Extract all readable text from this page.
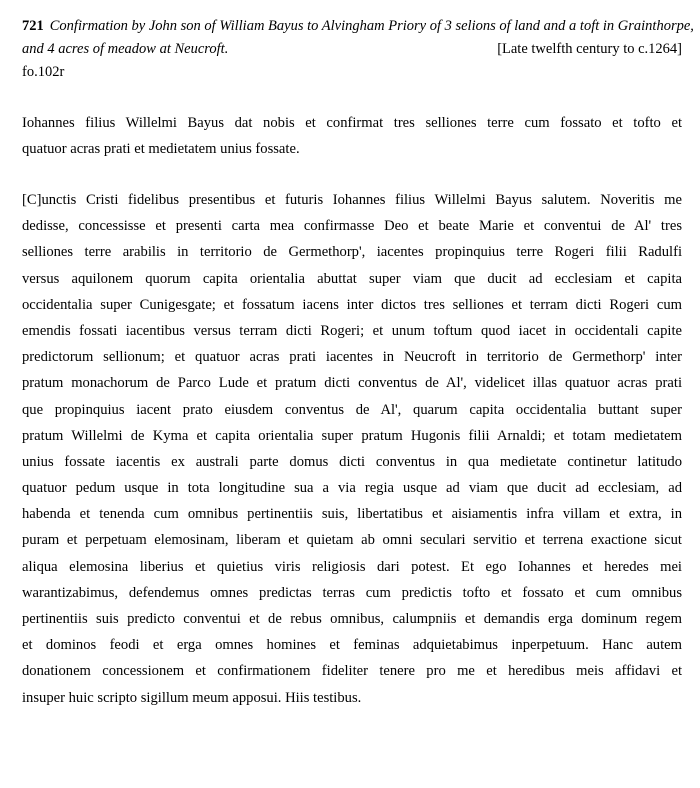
721 Confirmation by John son of William Bayus to Alvingham Priory of 3 selions of land and a toft in Grainthorpe,
and 4 acres of meadow at Neucroft.	[Late twelfth century to c.1264]
fo.102r
Iohannes filius Willelmi Bayus dat nobis et confirmat tres selliones terre cum fossato et tofto et
quatuor acras prati et medietatem unius fossate.
[C]unctis Cristi fidelibus presentibus et futuris Iohannes filius Willelmi Bayus salutem. Noveritis me
dedisse, concessisse et presenti carta mea confirmasse Deo et beate Marie et conventui de Al' tres
selliones terre arabilis in territorio de Germethorp', iacentes propinquius terre Rogeri filii Radulfi
versus aquilonem quorum capita orientalia abuttat super viam que ducit ad ecclesiam et capita
occidentalia super Cunigesgate; et fossatum iacens inter dictos tres selliones et terram dicti Rogeri cum
emendis fossati iacentibus versus terram dicti Rogeri; et unum toftum quod iacet in occidentali capite
predictorum sellionum; et quatuor acras prati iacentes in Neucroft in territorio de Germethorp' inter
pratum monachorum de Parco Lude et pratum dicti conventus de Al', videlicet illas quatuor acras prati
que propinquius iacent prato eiusdem conventus de Al', quarum capita occidentalia buttant super
pratum Willelmi de Kyma et capita orientalia super pratum Hugonis filii Arnaldi; et totam medietatem
unius fossate iacentis ex australi parte domus dicti conventus in qua medietate continetur latitudo
quatuor pedum usque in tota longitudine sua a via regia usque ad viam que ducit ad ecclesiam, ad
habenda et tenenda cum omnibus pertinentiis suis, libertatibus et aisiamentis infra villam et extra, in
puram et perpetuam elemosinam, liberam et quietam ab omni seculari servitio et terrena exactione sicut
aliqua elemosina liberius et quietius viris religiosis dari potest. Et ego Iohannes et heredes mei
warantizabimus, defendemus omnes predictas terras cum predictis tofto et fossato et cum omnibus
pertinentiis suis predicto conventui et de rebus omnibus, calumpniis et demandis erga dominum regem
et dominos feodi et erga omnes homines et feminas adquietabimus inperpetuum. Hanc autem
donationem concessionem et confirmationem fideliter tenere pro me et heredibus meis affidavi et
insuper huic scripto sigillum meum apposui. Hiis testibus.
